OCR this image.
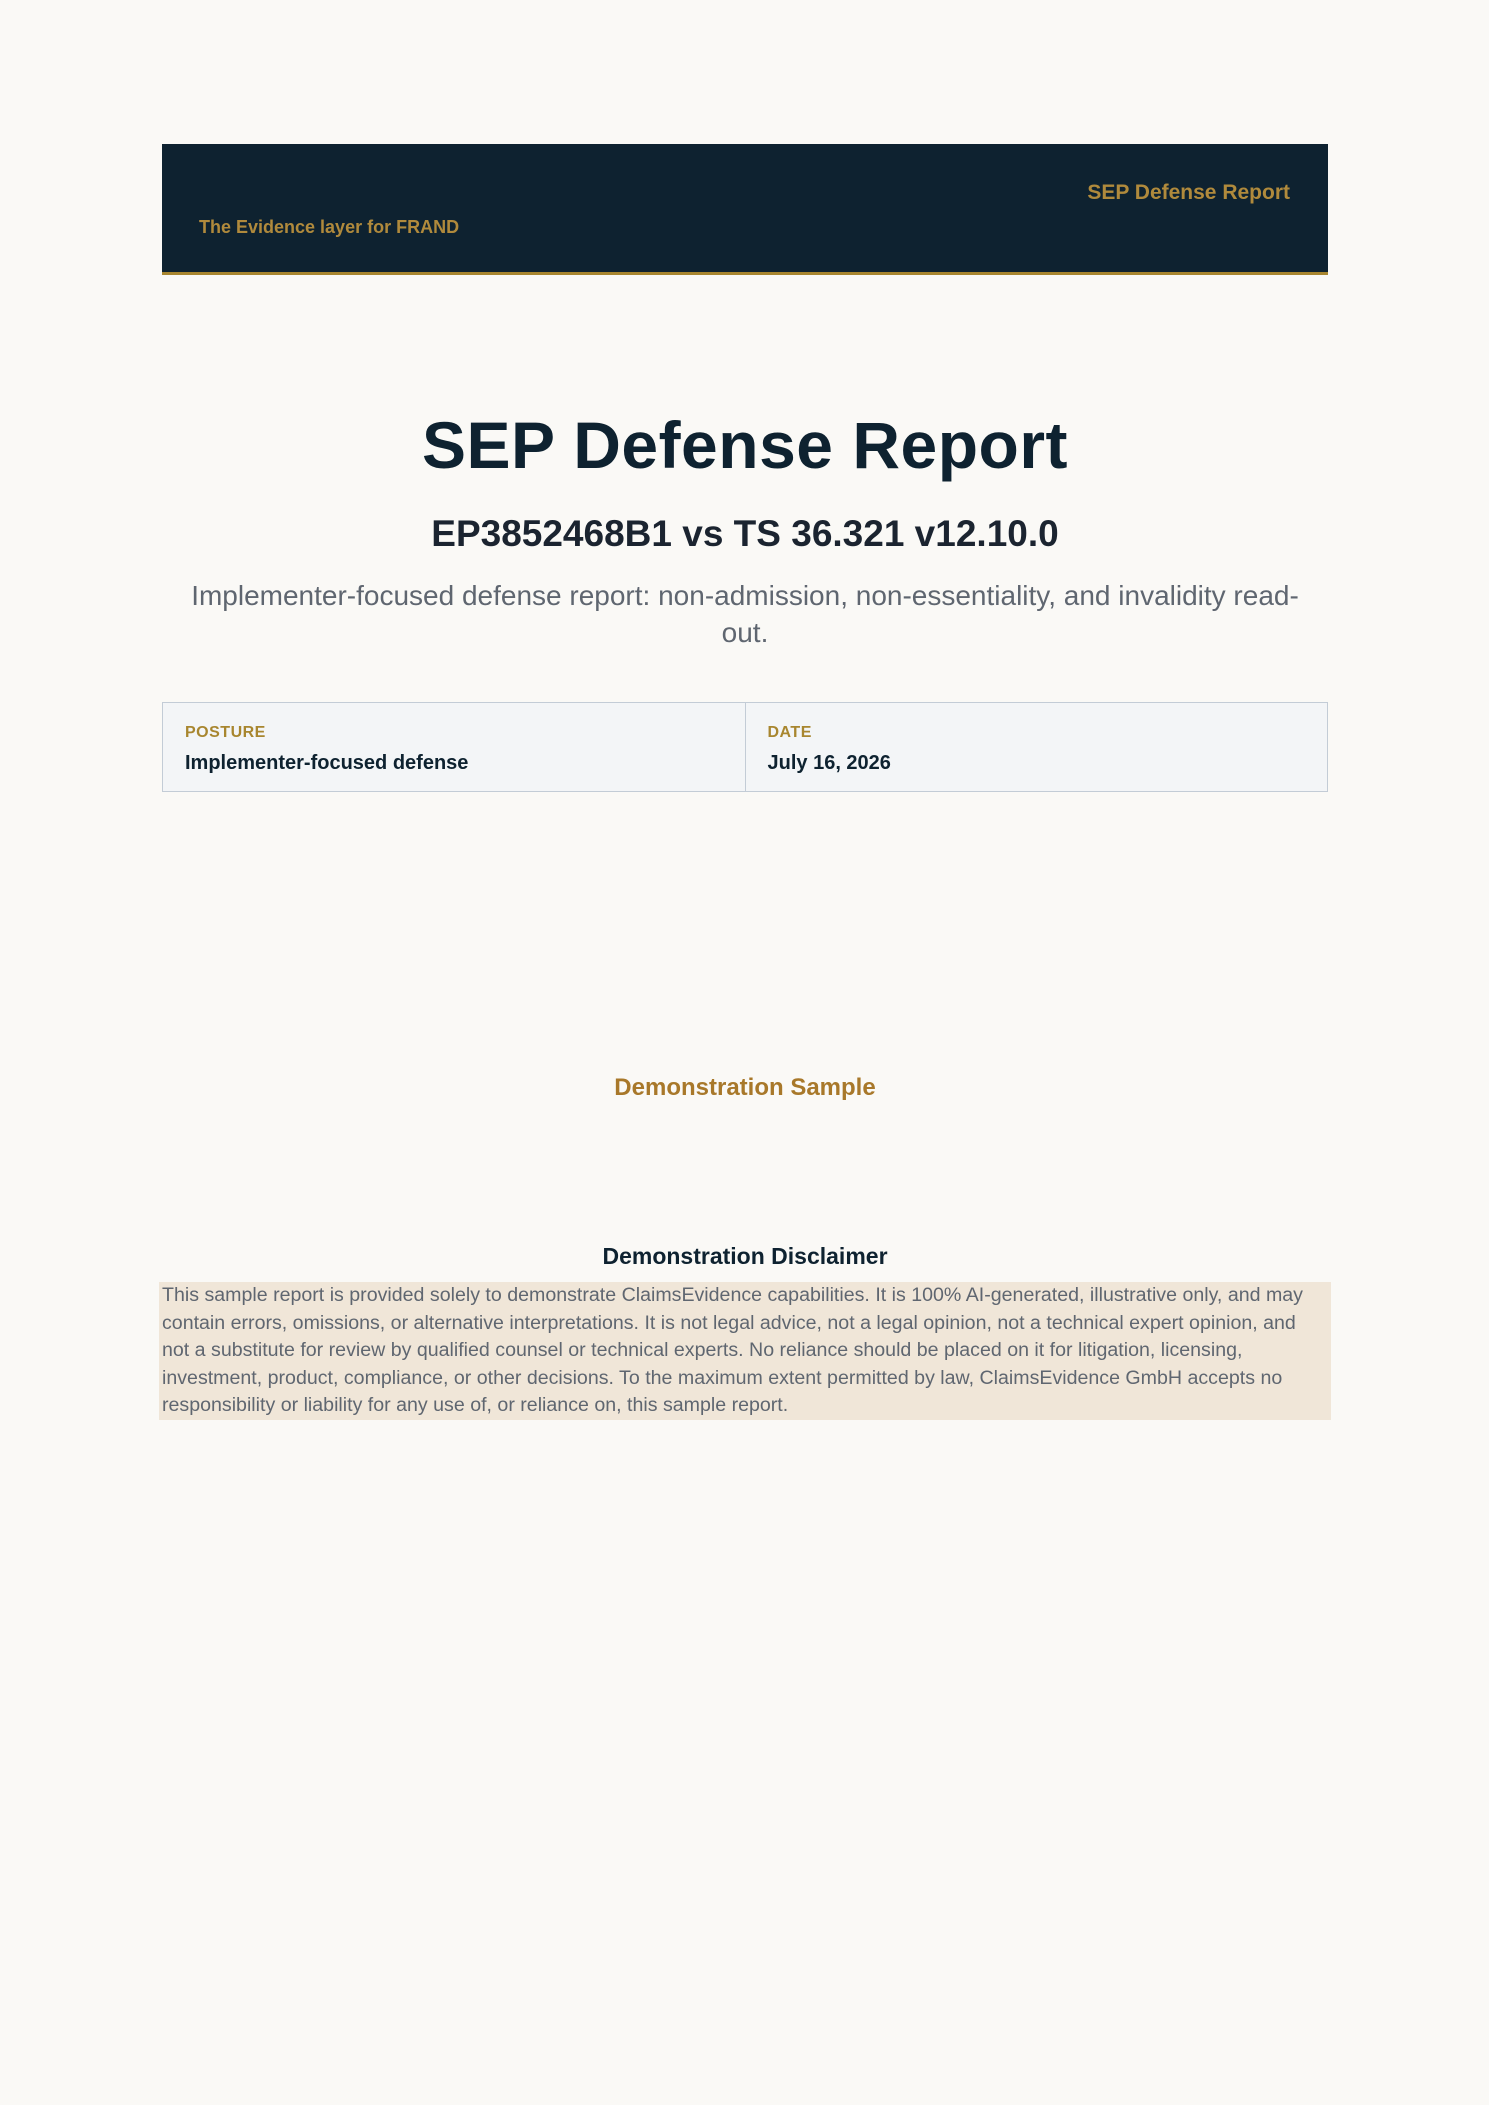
The Evidence layer for FRAND
SEP Defense Report
SEP Defense Report
EP3852468B1 vs TS 36.321 v12.10.0
Implementer-focused defense report: non-admission, non-essentiality, and invalidity read-out.
POSTURE
Implementer-focused defense
DATE
July 16, 2026
Demonstration Sample
Demonstration Disclaimer
This sample report is provided solely to demonstrate ClaimsEvidence capabilities. It is 100% AI-generated, illustrative only, and may contain errors, omissions, or alternative interpretations. It is not legal advice, not a legal opinion, not a technical expert opinion, and not a substitute for review by qualified counsel or technical experts. No reliance should be placed on it for litigation, licensing, investment, product, compliance, or other decisions. To the maximum extent permitted by law, ClaimsEvidence GmbH accepts no responsibility or liability for any use of, or reliance on, this sample report.
